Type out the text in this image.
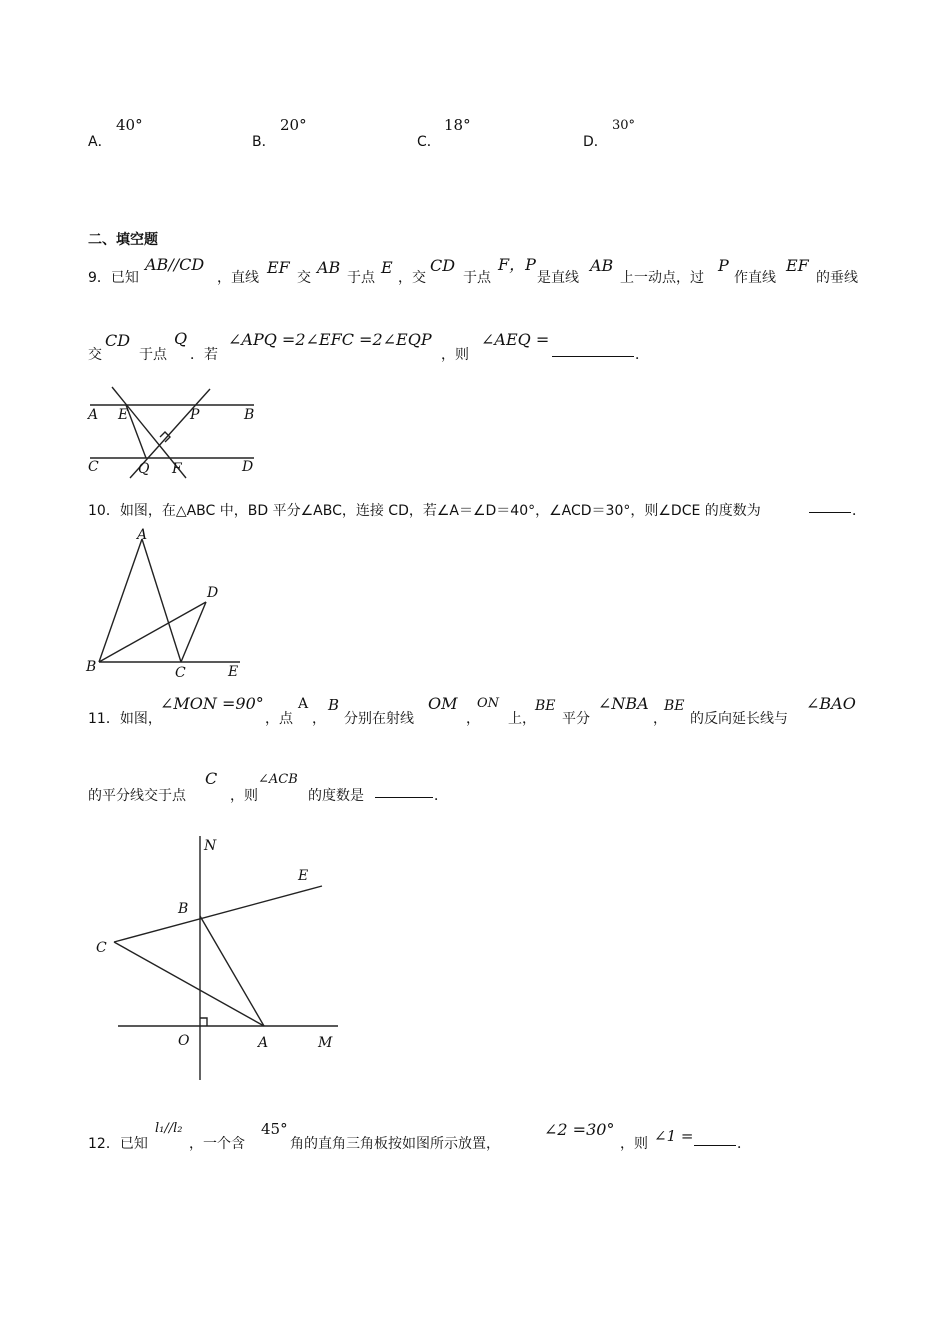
A．
40°
B．
20°
C．
18°
D．
30°
二、填空题
9．已知
AB//CD
，直线
EF
交
AB
于点
E
，交
CD
于点
F，P
是直线
AB
上一动点，过
P
作直线
EF
的垂线
交
CD
于点
Q
．若
∠APQ =2∠EFC =2∠EQP
，则
∠AEQ =
．
A E	P	B
C	Q F	D
10．如图，在△ABC 中，BD 平分∠ABC，连接 CD，若∠A＝∠D＝40°，∠ACD＝30°，则∠DCE 的度数为	．
A
D
B	C	E
11．如图，
∠MON =90°
，点
A
，
B
分别在射线
OM
，
ON
上，
BE
平分
∠NBA
，
BE
的反向延长线与
∠BAO
的平分线交于点
C
，则
∠ACB
的度数是	．
N
E
B
C
O	A	M
12．已知
l₁//l₂
，一个含
45°
角的直角三角板按如图所示放置，
∠2 =30°
，则 ∠1 =	．
